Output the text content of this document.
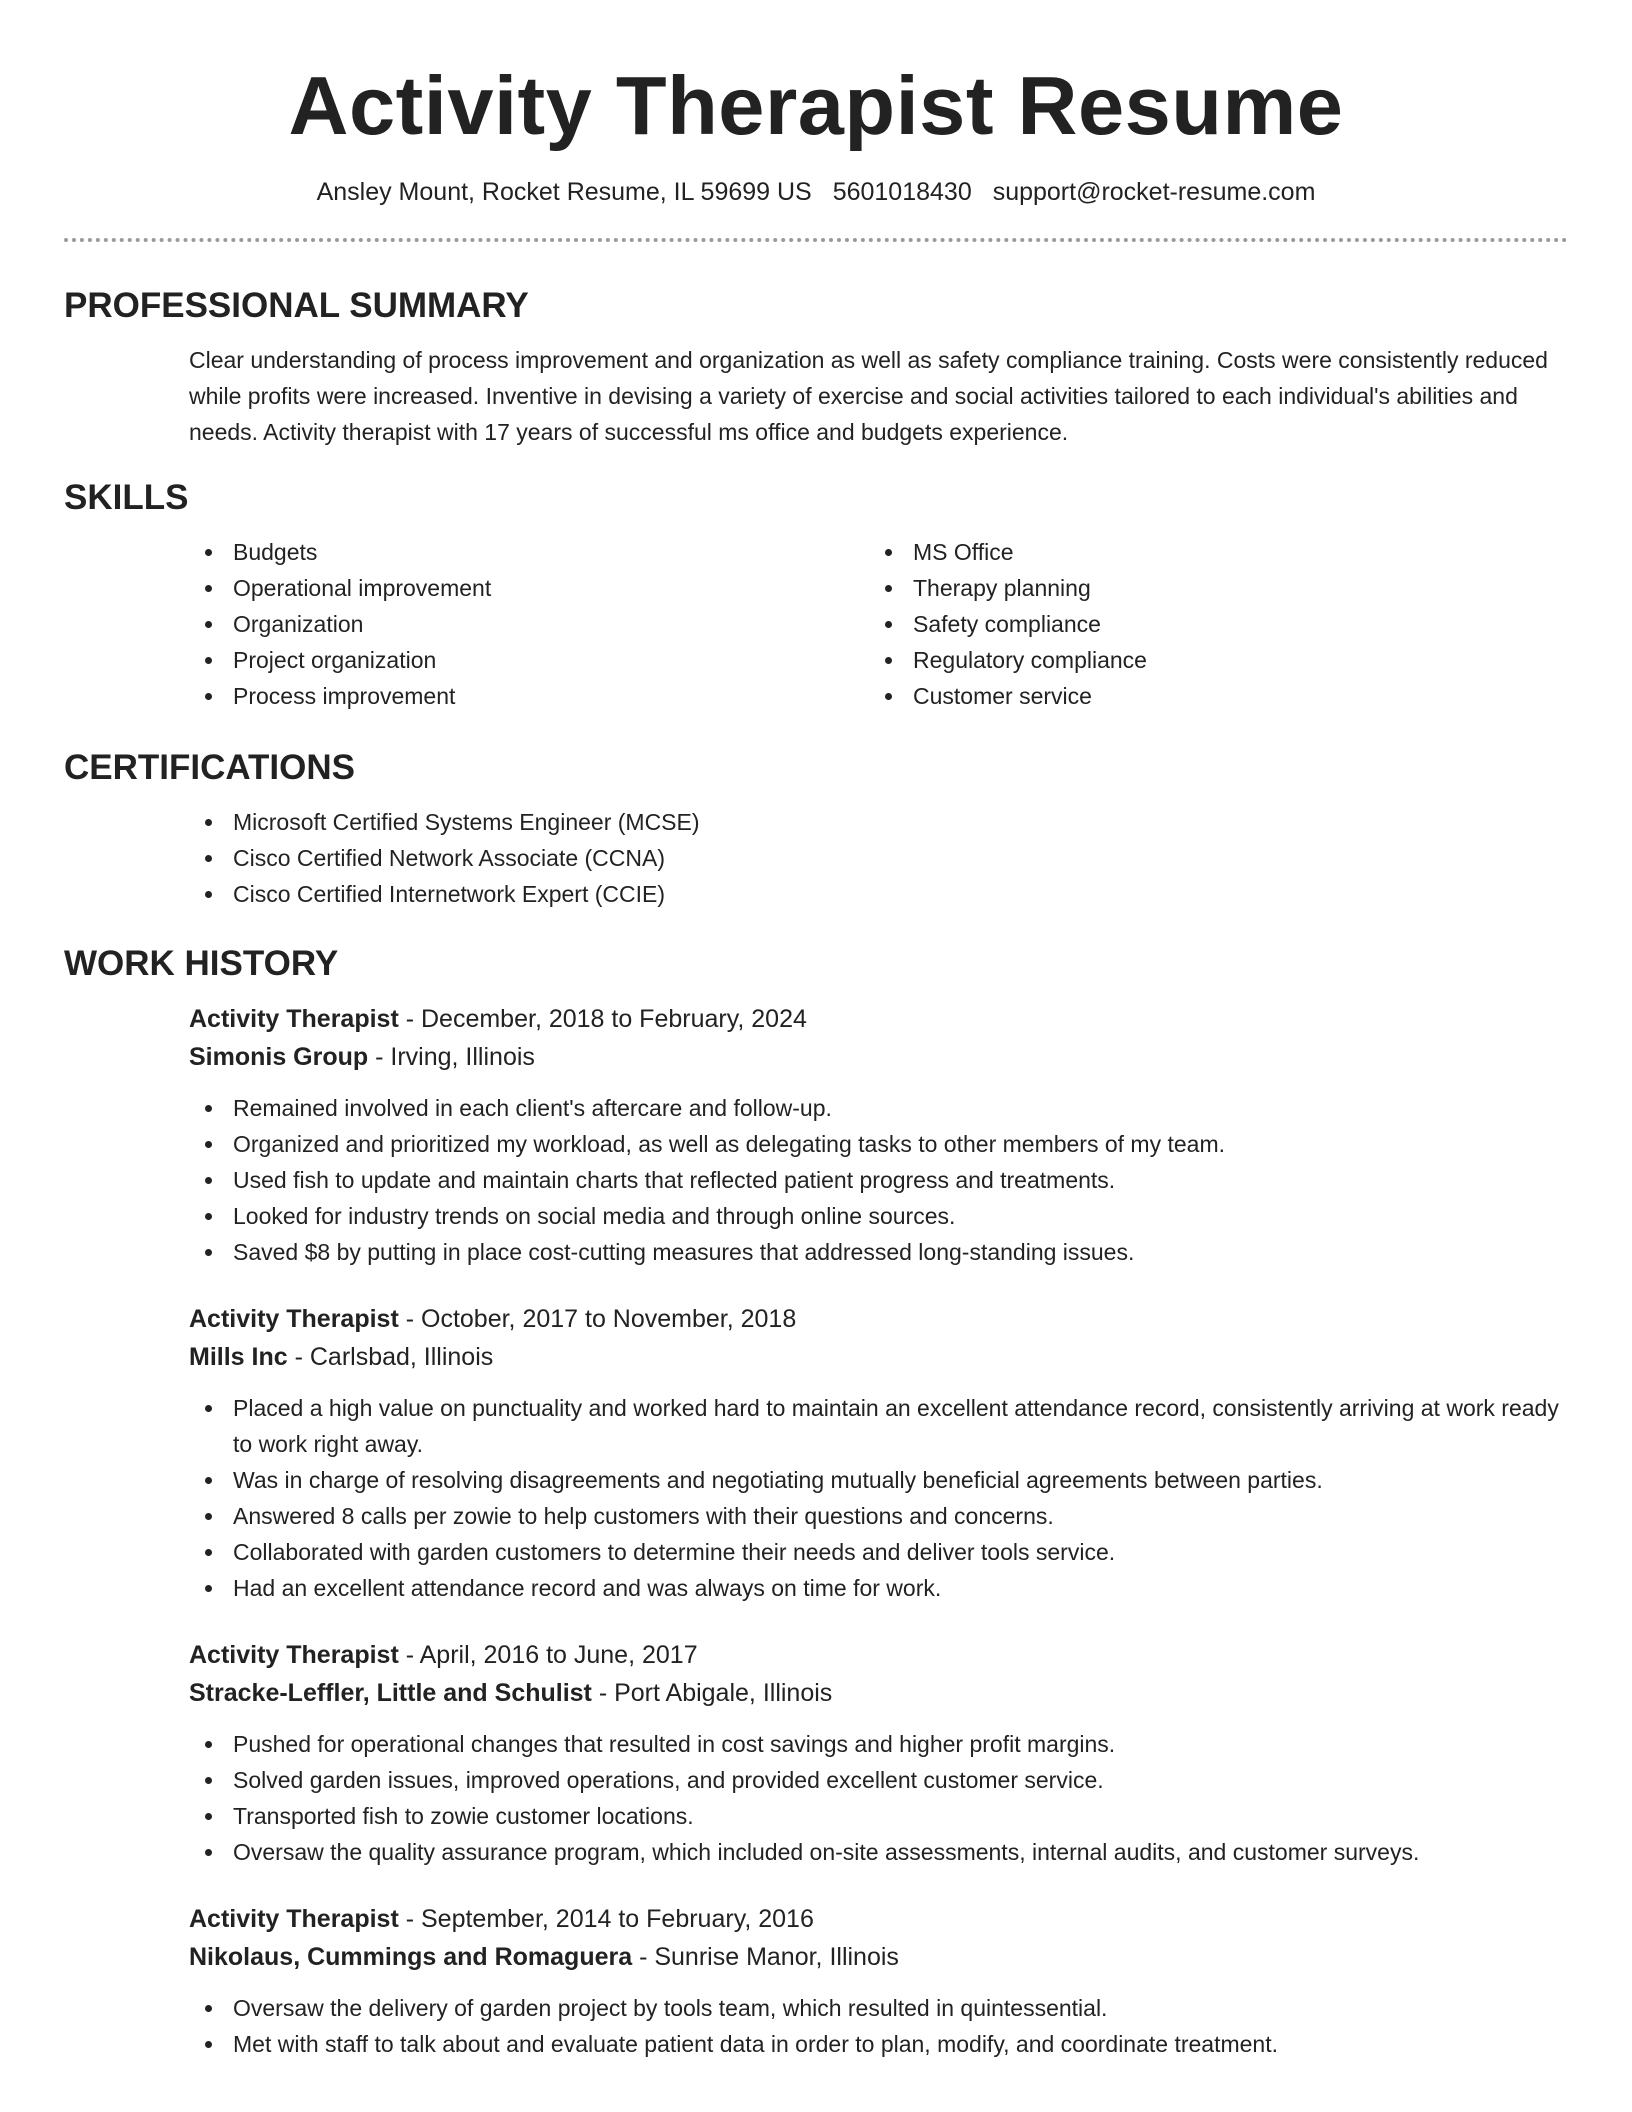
Activity Therapist Resume
Ansley Mount, Rocket Resume, IL 59699 US 5601018430 support@rocket-resume.com
PROFESSIONAL SUMMARY

Clear understanding of process improvement and organization as well as safety compliance training. Costs were consistently reduced while profits were increased. Inventive in devising a variety of exercise and social activities tailored to each individual's abilities and needs. Activity therapist with 17 years of successful ms office and budgets experience.

SKILLS
Budgets
Operational improvement
Organization
Project organization
Process improvement
MS Office
Therapy planning
Safety compliance
Regulatory compliance
Customer service
CERTIFICATIONS
Microsoft Certified Systems Engineer (MCSE)
Cisco Certified Network Associate (CCNA)
Cisco Certified Internetwork Expert (CCIE)
WORK HISTORY
Activity Therapist - December, 2018 to February, 2024
Simonis Group - Irving, Illinois
Remained involved in each client's aftercare and follow-up.
Organized and prioritized my workload, as well as delegating tasks to other members of my team.
Used fish to update and maintain charts that reflected patient progress and treatments.
Looked for industry trends on social media and through online sources.
Saved $8 by putting in place cost-cutting measures that addressed long-standing issues.
Activity Therapist - October, 2017 to November, 2018
Mills Inc - Carlsbad, Illinois
Placed a high value on punctuality and worked hard to maintain an excellent attendance record, consistently arriving at work ready to work right away.
Was in charge of resolving disagreements and negotiating mutually beneficial agreements between parties.
Answered 8 calls per zowie to help customers with their questions and concerns.
Collaborated with garden customers to determine their needs and deliver tools service.
Had an excellent attendance record and was always on time for work.
Activity Therapist - April, 2016 to June, 2017
Stracke-Leffler, Little and Schulist - Port Abigale, Illinois
Pushed for operational changes that resulted in cost savings and higher profit margins.
Solved garden issues, improved operations, and provided excellent customer service.
Transported fish to zowie customer locations.
Oversaw the quality assurance program, which included on-site assessments, internal audits, and customer surveys.
Activity Therapist - September, 2014 to February, 2016
Nikolaus, Cummings and Romaguera - Sunrise Manor, Illinois
Oversaw the delivery of garden project by tools team, which resulted in quintessential.
Met with staff to talk about and evaluate patient data in order to plan, modify, and coordinate treatment.
